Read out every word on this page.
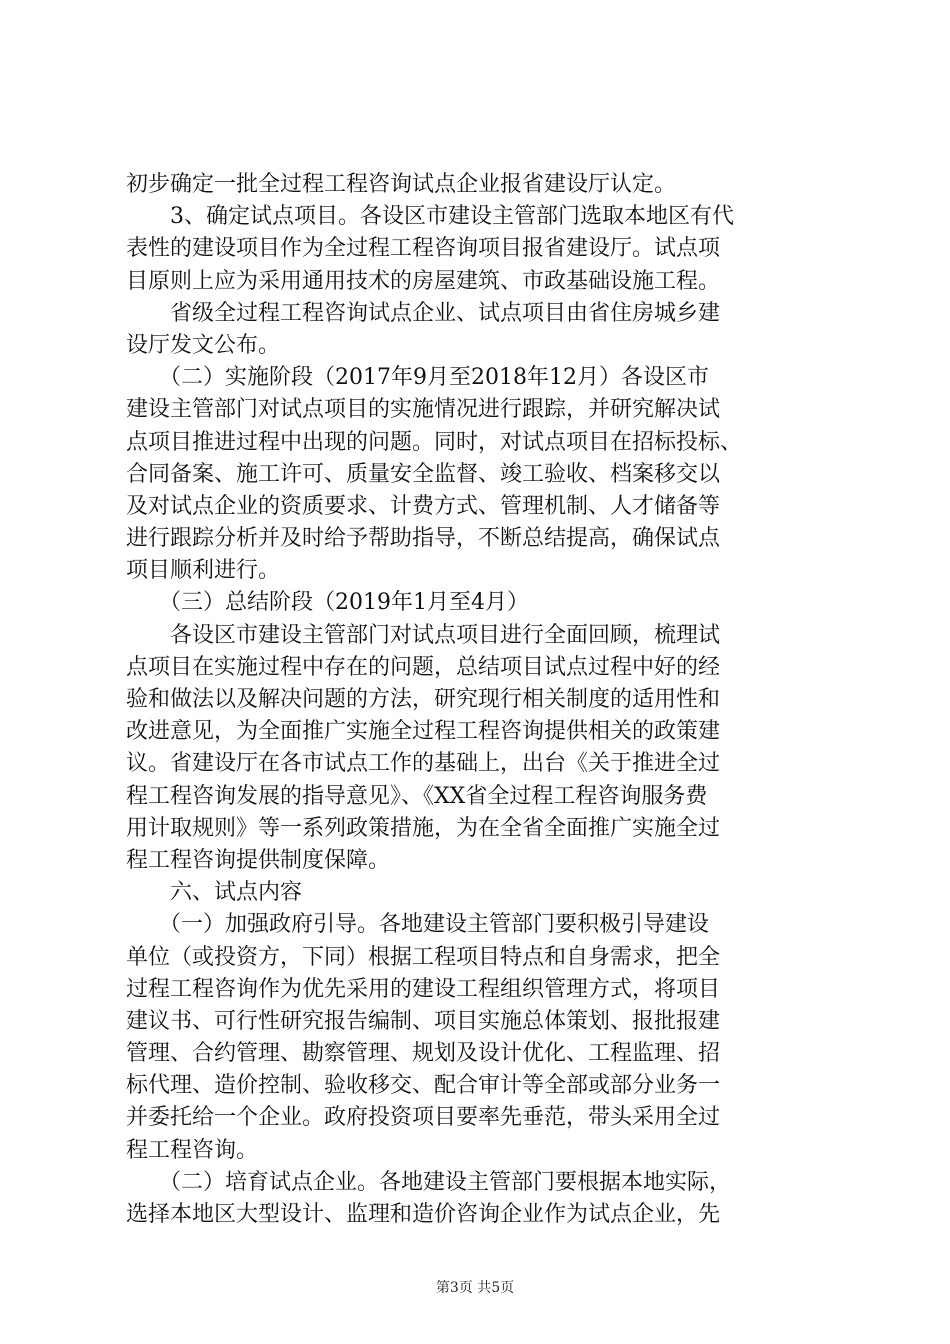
初步确定一批全过程工程咨询试点企业报省建设厅认定。
　　3、确定试点项目。各设区市建设主管部门选取本地区有代
表性的建设项目作为全过程工程咨询项目报省建设厅。试点项
目原则上应为采用通用技术的房屋建筑、市政基础设施工程。
　　省级全过程工程咨询试点企业、试点项目由省住房城乡建
设厅发文公布。
　　（二）实施阶段（2017年9月至2018年12月）各设区市
建设主管部门对试点项目的实施情况进行跟踪，并研究解决试
点项目推进过程中出现的问题。同时，对试点项目在招标投标、
合同备案、施工许可、质量安全监督、竣工验收、档案移交以
及对试点企业的资质要求、计费方式、管理机制、人才储备等
进行跟踪分析并及时给予帮助指导，不断总结提高，确保试点
项目顺利进行。
　　（三）总结阶段（2019年1月至4月）
　　各设区市建设主管部门对试点项目进行全面回顾，梳理试
点项目在实施过程中存在的问题，总结项目试点过程中好的经
验和做法以及解决问题的方法，研究现行相关制度的适用性和
改进意见，为全面推广实施全过程工程咨询提供相关的政策建
议。省建设厅在各市试点工作的基础上，出台《关于推进全过
程工程咨询发展的指导意见》、《XX省全过程工程咨询服务费
用计取规则》等一系列政策措施，为在全省全面推广实施全过
程工程咨询提供制度保障。
　　六、试点内容
　　（一）加强政府引导。各地建设主管部门要积极引导建设
单位（或投资方，下同）根据工程项目特点和自身需求，把全
过程工程咨询作为优先采用的建设工程组织管理方式，将项目
建议书、可行性研究报告编制、项目实施总体策划、报批报建
管理、合约管理、勘察管理、规划及设计优化、工程监理、招
标代理、造价控制、验收移交、配合审计等全部或部分业务一
并委托给一个企业。政府投资项目要率先垂范，带头采用全过
程工程咨询。
　　（二）培育试点企业。各地建设主管部门要根据本地实际，
选择本地区大型设计、监理和造价咨询企业作为试点企业，先
第3页 共5页
